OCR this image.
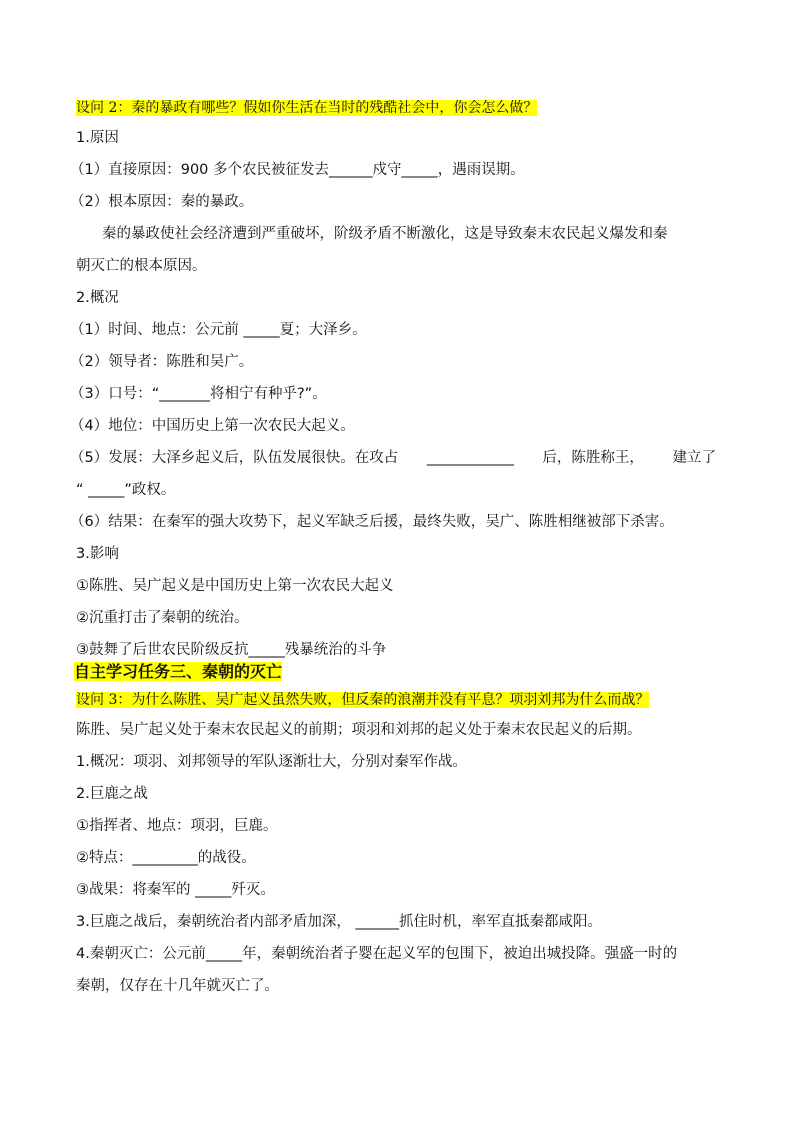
设问 2：秦的暴政有哪些？假如你生活在当时的残酷社会中，你会怎么做？
1.原因
（1）直接原因：900 多个农民被征发去______戍守_____，遇雨误期。
（2）根本原因：秦的暴政。
秦的暴政使社会经济遭到严重破坏，阶级矛盾不断激化，这是导致秦末农民起义爆发和秦
朝灭亡的根本原因。
2.概况
（1）时间、地点：公元前 _____夏；大泽乡。
（2）领导者：陈胜和吴广。
（3）口号：“_______将相宁有种乎?”。
（4）地位：中国历史上第一次农民大起义。
（5）发展：大泽乡起义后，队伍发展很快。在攻占 ____________ 后，陈胜称王， 建立了
“ _____”政权。
（6）结果：在秦军的强大攻势下，起义军缺乏后援，最终失败，吴广、陈胜相继被部下杀害。
3.影响
①陈胜、吴广起义是中国历史上第一次农民大起义
②沉重打击了秦朝的统治。
③鼓舞了后世农民阶级反抗_____残暴统治的斗争
自主学习任务三、秦朝的灭亡
设问 3：为什么陈胜、吴广起义虽然失败，但反秦的浪潮并没有平息？项羽刘邦为什么而战？
陈胜、吴广起义处于秦末农民起义的前期；项羽和刘邦的起义处于秦末农民起义的后期。
1.概况：项羽、刘邦领导的军队逐渐壮大，分别对秦军作战。
2.巨鹿之战
①指挥者、地点：项羽，巨鹿。
②特点：_________的战役。
③战果：将秦军的 _____歼灭。
3.巨鹿之战后，秦朝统治者内部矛盾加深， ______抓住时机，率军直抵秦都咸阳。
4.秦朝灭亡：公元前_____年，秦朝统治者子婴在起义军的包围下，被迫出城投降。强盛一时的
秦朝，仅存在十几年就灭亡了。
